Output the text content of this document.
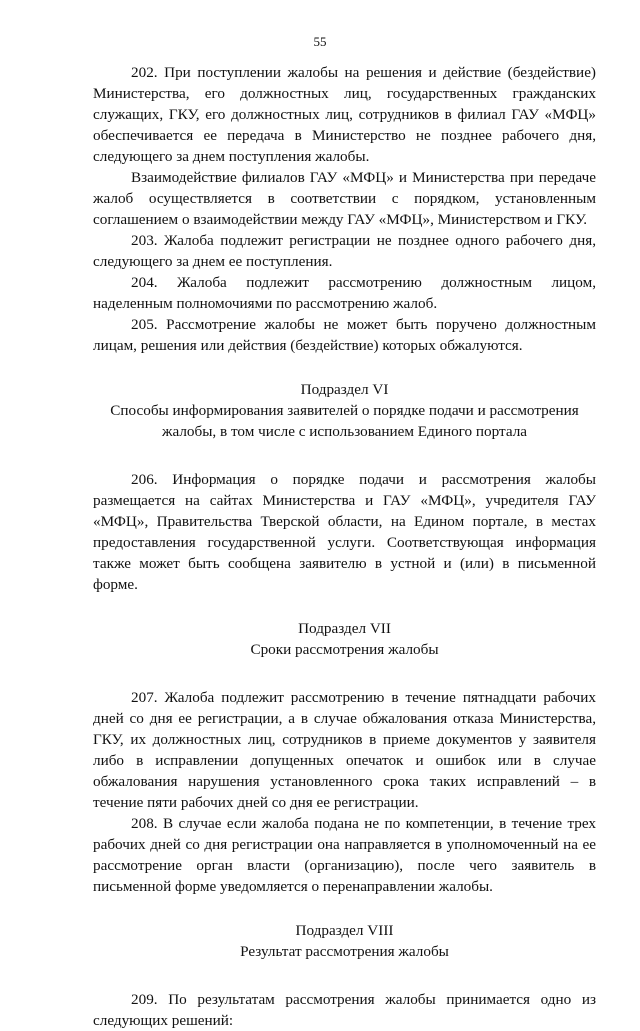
55

202. При поступлении жалобы на решения и действие (бездействие) Министерства, его должностных лиц, государственных гражданских служащих, ГКУ, его должностных лиц, сотрудников в филиал ГАУ «МФЦ» обеспечивается ее передача в Министерство не позднее рабочего дня, следующего за днем поступления жалобы.

Взаимодействие филиалов ГАУ «МФЦ» и Министерства при передаче жалоб осуществляется в соответствии с порядком, установленным соглашением о взаимодействии между ГАУ «МФЦ», Министерством и ГКУ.

203. Жалоба подлежит регистрации не позднее одного рабочего дня, следующего за днем ее поступления.

204. Жалоба подлежит рассмотрению должностным лицом, наделенным полномочиями по рассмотрению жалоб.

205. Рассмотрение жалобы не может быть поручено должностным лицам, решения или действия (бездействие) которых обжалуются.

Подраздел VI
Способы информирования заявителей о порядке подачи и рассмотрения жалобы, в том числе с использованием Единого портала

206. Информация о порядке подачи и рассмотрения жалобы размещается на сайтах Министерства и ГАУ «МФЦ», учредителя ГАУ «МФЦ», Правительства Тверской области, на Едином портале, в местах предоставления государственной услуги. Соответствующая информация также может быть сообщена заявителю в устной и (или) в письменной форме.

Подраздел VII
Сроки рассмотрения жалобы

207. Жалоба подлежит рассмотрению в течение пятнадцати рабочих дней со дня ее регистрации, а в случае обжалования отказа Министерства, ГКУ, их должностных лиц, сотрудников в приеме документов у заявителя либо в исправлении допущенных опечаток и ошибок или в случае обжалования нарушения установленного срока таких исправлений – в течение пяти рабочих дней со дня ее регистрации.

208. В случае если жалоба подана не по компетенции, в течение трех рабочих дней со дня регистрации она направляется в уполномоченный на ее рассмотрение орган власти (организацию), после чего заявитель в письменной форме уведомляется о перенаправлении жалобы.

Подраздел VIII
Результат рассмотрения жалобы

209. По результатам рассмотрения жалобы принимается одно из следующих решений:
